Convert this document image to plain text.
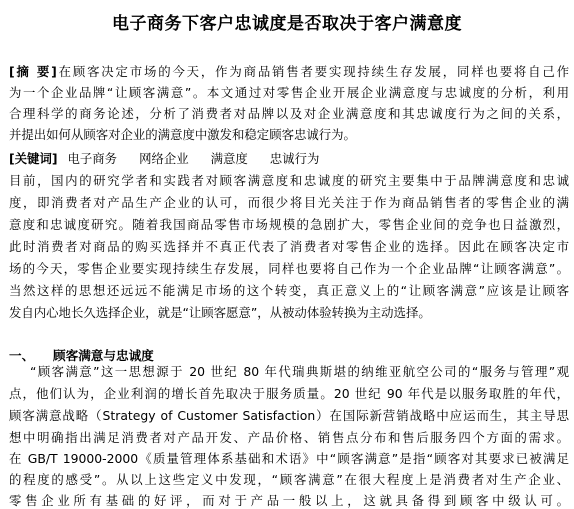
电子商务下客户忠诚度是否取决于客户满意度
[摘 要]在顾客决定市场的今天，作为商品销售者要实现持续生存发展，同样也要将自己作
为一个企业品牌“让顾客满意”。本文通过对零售企业开展企业满意度与忠诚度的分析，利用
合理科学的商务论述，分析了消费者对品牌以及对企业满意度和其忠诚度行为之间的关系，
并提出如何从顾客对企业的满意度中激发和稳定顾客忠诚行为。
[关键词] 电子商务 网络企业 满意度 忠诚行为
目前，国内的研究学者和实践者对顾客满意度和忠诚度的研究主要集中于品牌满意度和忠诚
度，即消费者对产品生产企业的认可，而很少将目光关注于作为商品销售者的零售企业的满
意度和忠诚度研究。随着我国商品零售市场规模的急剧扩大，零售企业间的竞争也日益激烈，
此时消费者对商品的购买选择并不真正代表了消费者对零售企业的选择。因此在顾客决定市
场的今天，零售企业要实现持续生存发展，同样也要将自己作为一个企业品牌“让顾客满意”。
当然这样的思想还远远不能满足市场的这个转变，真正意义上的“让顾客满意”应该是让顾客
发自内心地长久选择企业，就是“让顾客愿意”，从被动体验转换为主动选择。
一、 顾客满意与忠诚度
“顾客满意”这一思想源于 20 世纪 80 年代瑞典斯堪的纳维亚航空公司的“服务与管理”观
点，他们认为，企业利润的增长首先取决于服务质量。20 世纪 90 年代是以服务取胜的年代，
顾客满意战略（Strategy of Customer Satisfaction）在国际新营销战略中应运而生，其主导思
想中明确指出满足消费者对产品开发、产品价格、销售点分布和售后服务四个方面的需求。
在 GB/T 19000-2000《质量管理体系基础和术语》中“顾客满意”是指“顾客对其要求已被满足
的程度的感受”。从以上这些定义中发现，“顾客满意”在很大程度上是消费者对生产企业、
零售企业所有基础的好评，而对于产品一般以上，这就具备得到顾客中级认可。
